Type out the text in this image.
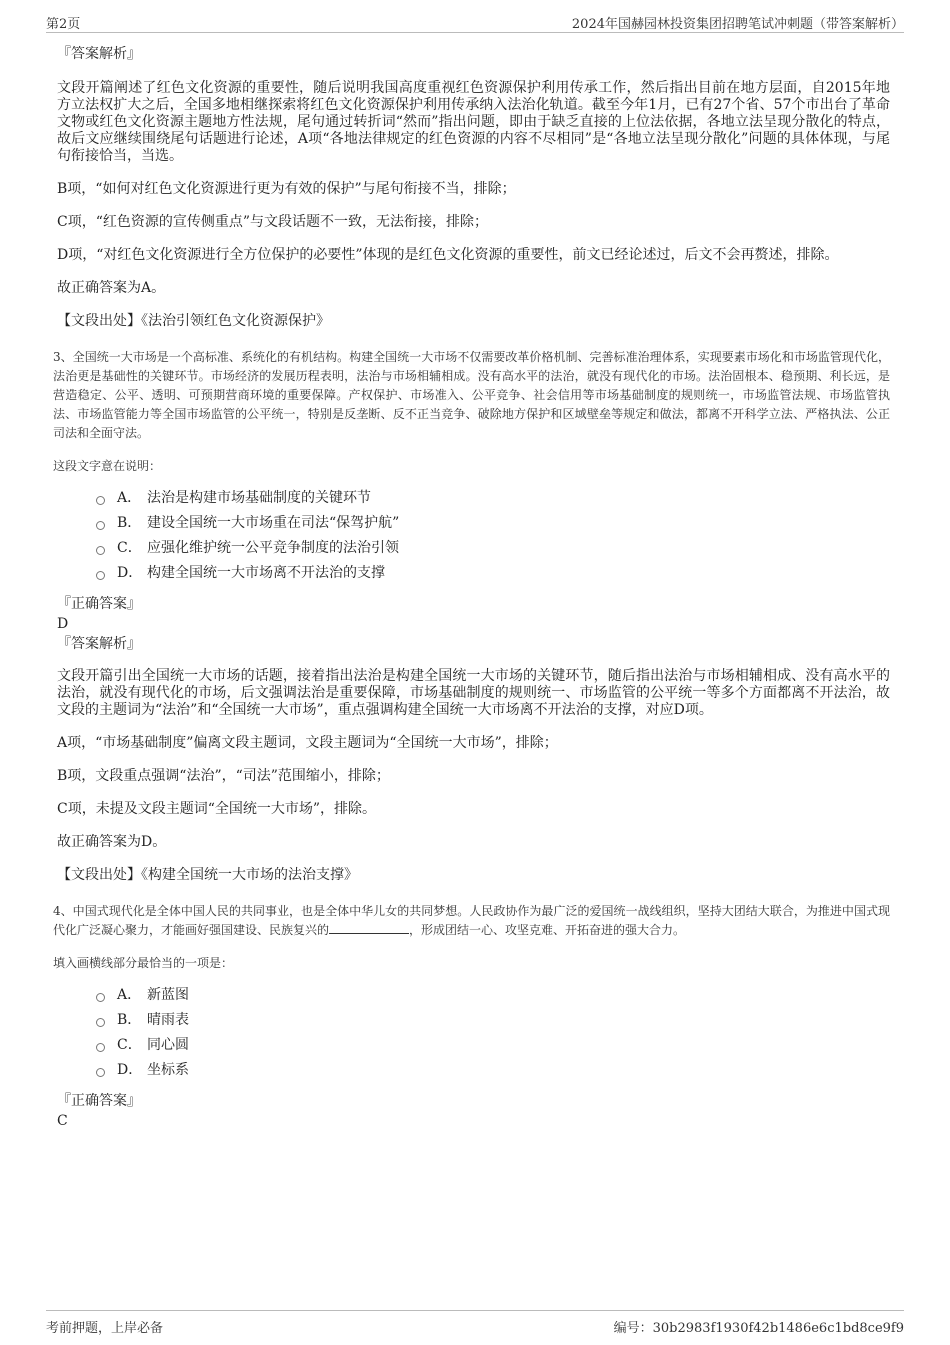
第2页	2024年国赫园林投资集团招聘笔试冲刺题（带答案解析）

『答案解析』

文段开篇阐述了红色文化资源的重要性，随后说明我国高度重视红色资源保护利用传承工作，然后指出目前在地方层面，自2015年地方立法权扩大之后，全国多地相继探索将红色文化资源保护利用传承纳入法治化轨道。截至今年1月，已有27个省、57个市出台了革命文物或红色文化资源主题地方性法规，尾句通过转折词“然而”指出问题，即由于缺乏直接的上位法依据，各地立法呈现分散化的特点，故后文应继续围绕尾句话题进行论述，A项“各地法律规定的红色资源的内容不尽相同”是“各地立法呈现分散化”问题的具体体现，与尾句衔接恰当，当选。

B项，“如何对红色文化资源进行更为有效的保护”与尾句衔接不当，排除；

C项，“红色资源的宣传侧重点”与文段话题不一致，无法衔接，排除；

D项，“对红色文化资源进行全方位保护的必要性”体现的是红色文化资源的重要性，前文已经论述过，后文不会再赘述，排除。

故正确答案为A。

【文段出处】《法治引领红色文化资源保护》

3、全国统一大市场是一个高标准、系统化的有机结构。构建全国统一大市场不仅需要改革价格机制、完善标准治理体系，实现要素市场化和市场监管现代化，法治更是基础性的关键环节。市场经济的发展历程表明，法治与市场相辅相成。没有高水平的法治，就没有现代化的市场。法治固根本、稳预期、利长远，是营造稳定、公平、透明、可预期营商环境的重要保障。产权保护、市场准入、公平竞争、社会信用等市场基础制度的规则统一，市场监管法规、市场监管执法、市场监管能力等全国市场监管的公平统一，特别是反垄断、反不正当竞争、破除地方保护和区域壁垒等规定和做法，都离不开科学立法、严格执法、公正司法和全面守法。

这段文字意在说明：

A． 法治是构建市场基础制度的关键环节
B． 建设全国统一大市场重在司法“保驾护航”
C． 应强化维护统一公平竞争制度的法治引领
D． 构建全国统一大市场离不开法治的支撑

『正确答案』

D

『答案解析』

文段开篇引出全国统一大市场的话题，接着指出法治是构建全国统一大市场的关键环节，随后指出法治与市场相辅相成、没有高水平的法治，就没有现代化的市场，后文强调法治是重要保障，市场基础制度的规则统一、市场监管的公平统一等多个方面都离不开法治，故文段的主题词为“法治”和“全国统一大市场”，重点强调构建全国统一大市场离不开法治的支撑，对应D项。

A项，“市场基础制度”偏离文段主题词，文段主题词为“全国统一大市场”，排除；

B项，文段重点强调“法治”，“司法”范围缩小，排除；

C项，未提及文段主题词“全国统一大市场”，排除。

故正确答案为D。

【文段出处】《构建全国统一大市场的法治支撑》

4、中国式现代化是全体中国人民的共同事业，也是全体中华儿女的共同梦想。人民政协作为最广泛的爱国统一战线组织，坚持大团结大联合，为推进中国式现代化广泛凝心聚力，才能画好强国建设、民族复兴的	，形成团结一心、攻坚克难、开拓奋进的强大合力。

填入画横线部分最恰当的一项是：

A． 新蓝图
B． 晴雨表
C． 同心圆
D． 坐标系

『正确答案』

C

考前押题，上岸必备	编号：30b2983f1930f42b1486e6c1bd8ce9f9
